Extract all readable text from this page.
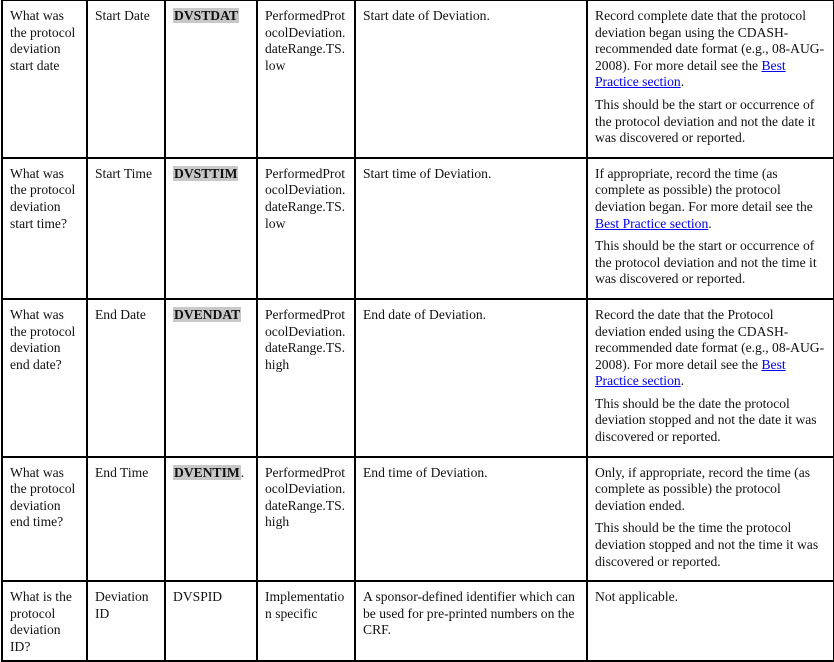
What was the protocol deviation start date	Start Date	DVSTDAT	PerformedProtocolDeviation.dateRange.TS.low	Start date of Deviation.	Record complete date that the protocol deviation began using the CDASH-recommended date format (e.g., 08-AUG-2008). For more detail see the Best Practice section.

This should be the start or occurrence of the protocol deviation and not the date it was discovered or reported.

What was the protocol deviation start time?	Start Time	DVSTTIM	PerformedProtocolDeviation.dateRange.TS.low	Start time of Deviation.	If appropriate, record the time (as complete as possible) the protocol deviation began. For more detail see the Best Practice section.

This should be the start or occurrence of the protocol deviation and not the time it was discovered or reported.

What was the protocol deviation end date?	End Date	DVENDAT	PerformedProtocolDeviation.dateRange.TS.high	End date of Deviation.	Record the date that the Protocol deviation ended using the CDASH-recommended date format (e.g., 08-AUG-2008). For more detail see the Best Practice section.

This should be the date the protocol deviation stopped and not the date it was discovered or reported.

What was the protocol deviation end time?	End Time	DVENTIM.	PerformedProtocolDeviation.dateRange.TS.high	End time of Deviation.	Only, if appropriate, record the time (as complete as possible) the protocol deviation ended.

This should be the time the protocol deviation stopped and not the time it was discovered or reported.

What is the protocol deviation ID?	Deviation ID	DVSPID	Implementation specific	A sponsor-defined identifier which can be used for pre-printed numbers on the CRF.	Not applicable.
